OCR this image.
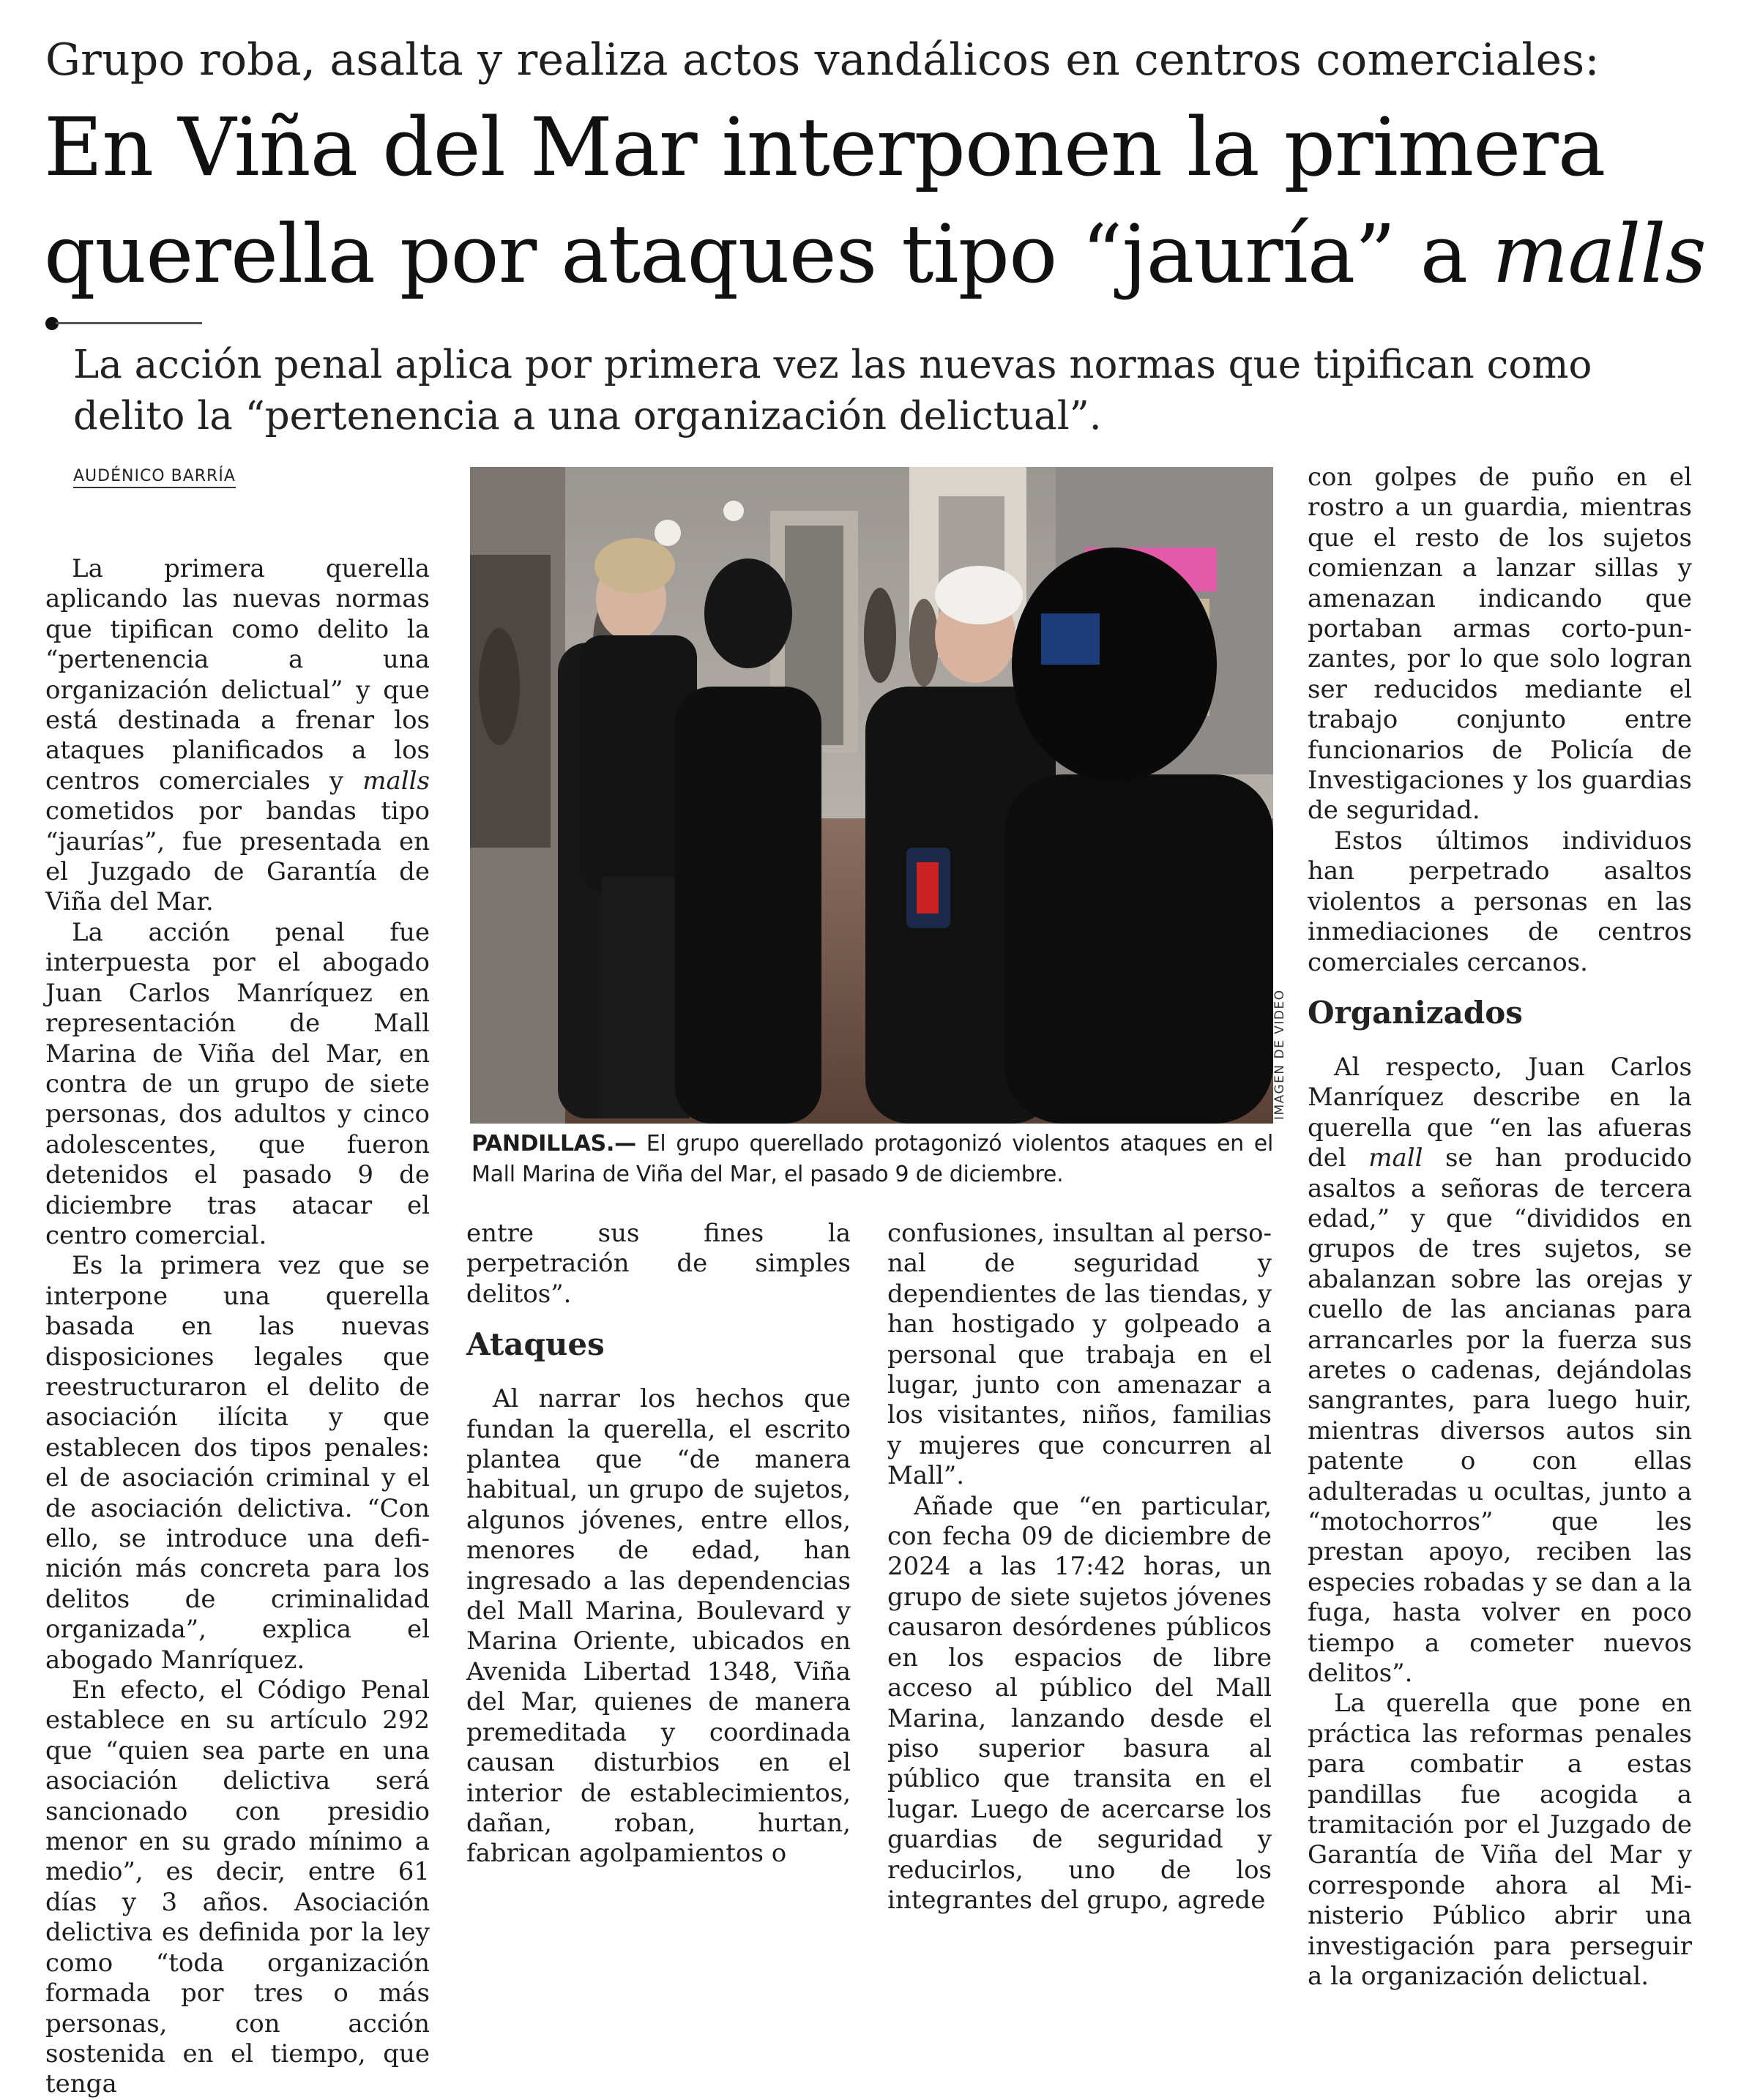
Grupo roba, asalta y realiza actos vandálicos en centros comerciales:
En Viña del Mar interponen la primera querella por ataques tipo “jauría” a malls

La acción penal aplica por primera vez las nuevas normas que tipifican como delito la “pertenencia a una organización delictual”.

AUDÉNICO BARRÍA

La primera querella aplicando las nuevas normas que tipifican como delito la “pertenencia a una organización delictual” y que está destinada a frenar los ataques planificados a los centros comerciales y malls cometidos por bandas tipo “jaurías”, fue presentada en el Juzgado de Garantía de Viña del Mar.

La acción penal fue interpuesta por el abogado Juan Carlos Manríquez en representación de Mall Marina de Viña del Mar, en contra de un grupo de siete personas, dos adultos y cinco adolescentes, que fueron detenidos el pasado 9 de diciembre tras atacar el centro comercial.

Es la primera vez que se interpone una querella basada en las nuevas disposiciones legales que reestructuraron el delito de asociación ilícita y que establecen dos tipos penales: el de asociación criminal y el de asociación delictiva. “Con ello, se introduce una definición más concreta para los delitos de criminalidad organizada”, explica el abogado Manríquez.

En efecto, el Código Penal establece en su artículo 292 que “quien sea parte en una asociación delictiva será sancionado con presidio menor en su grado mínimo a medio”, es decir, entre 61 días y 3 años. Asociación delictiva es definida por la ley como “toda organización formada por tres o más personas, con acción sostenida en el tiempo, que tenga

IMAGEN DE VIDEO

PANDILLAS.— El grupo querellado protagonizó violentos ataques en el Mall Marina de Viña del Mar, el pasado 9 de diciembre.

entre sus fines la perpetración de simples delitos”.

Ataques

Al narrar los hechos que fundan la querella, el escrito plantea que “de manera habitual, un grupo de sujetos, algunos jóvenes, entre ellos, menores de edad, han ingresado a las dependencias del Mall Marina, Boulevard y Marina Oriente, ubicados en Avenida Libertad 1348, Viña del Mar, quienes de manera premeditada y coordinada causan disturbios en el interior de establecimientos, dañan, roban, hurtan, fabrican agolpamientos o

confusiones, insultan al personal de seguridad y dependientes de las tiendas, y han hostigado y golpeado a personal que trabaja en el lugar, junto con amenazar a los visitantes, niños, familias y mujeres que concurren al Mall”.

Añade que “en particular, con fecha 09 de diciembre de 2024 a las 17:42 horas, un grupo de siete sujetos jóvenes causaron desórdenes públicos en los espacios de libre acceso al público del Mall Marina, lanzando desde el piso superior basura al público que transita en el lugar. Luego de acercarse los guardias de seguridad y reducirlos, uno de los integrantes del grupo, agrede

con golpes de puño en el rostro a un guardia, mientras que el resto de los sujetos comienzan a lanzar sillas y amenazan indicando que portaban armas corto-punzantes, por lo que solo logran ser reducidos mediante el trabajo conjunto entre funcionarios de Policía de Investigaciones y los guardias de seguridad.

Estos últimos individuos han perpetrado asaltos violentos a personas en las inmediaciones de centros comerciales cercanos.

Organizados

Al respecto, Juan Carlos Manríquez describe en la querella que “en las afueras del mall se han producido asaltos a señoras de tercera edad,” y que “divididos en grupos de tres sujetos, se abalanzan sobre las orejas y cuello de las ancianas para arrancarles por la fuerza sus aretes o cadenas, dejándolas sangrantes, para luego huir, mientras diversos autos sin patente o con ellas adulteradas u ocultas, junto a “motochorros” que les prestan apoyo, reciben las especies robadas y se dan a la fuga, hasta volver en poco tiempo a cometer nuevos delitos”.

La querella que pone en práctica las reformas penales para combatir a estas pandillas fue acogida a tramitación por el Juzgado de Garantía de Viña del Mar y corresponde ahora al Ministerio Público abrir una investigación para perseguir a la organización delictual.
